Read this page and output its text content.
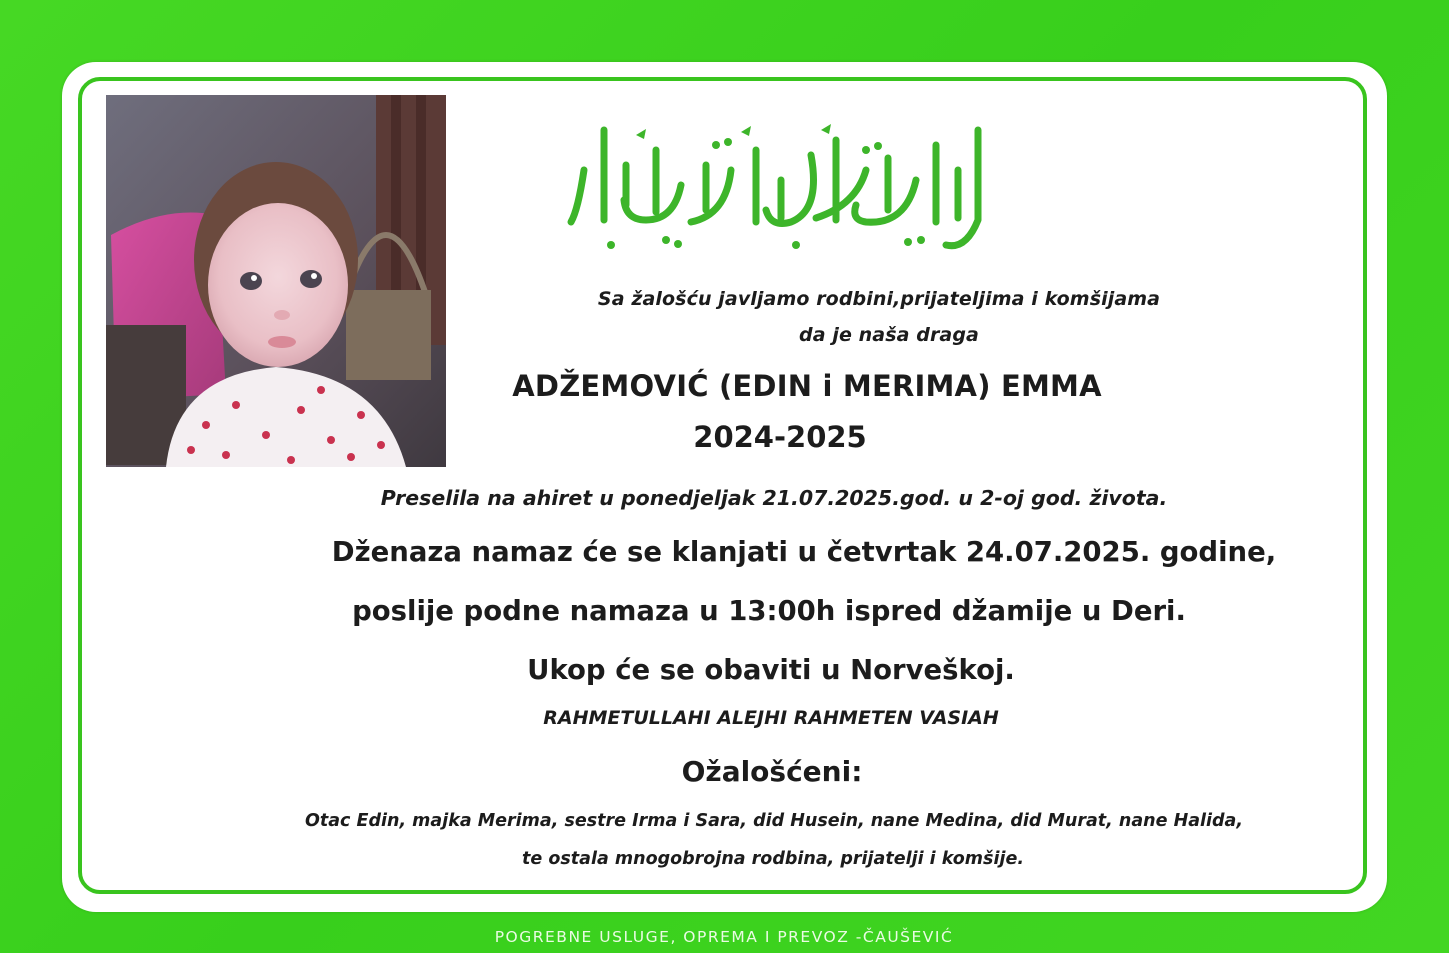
Sa žalošću javljamo rodbini,prijateljima i komšijama
da je naša draga
ADŽEMOVIĆ (EDIN i MERIMA) EMMA
2024-2025
Preselila na ahiret u ponedjeljak 21.07.2025.god. u 2-oj god. života.
Dženaza namaz će se klanjati u četvrtak 24.07.2025. godine,
poslije podne namaza u 13:00h ispred džamije u Deri.
Ukop će se obaviti u Norveškoj.
RAHMETULLAHI ALEJHI RAHMETEN VASIAH
Ožalošćeni:
Otac Edin, majka Merima, sestre Irma i Sara, did Husein, nane Medina, did Murat, nane Halida,
te ostala mnogobrojna rodbina, prijatelji i komšije.
POGREBNE USLUGE, OPREMA I PREVOZ -ČAUŠEVIĆ
